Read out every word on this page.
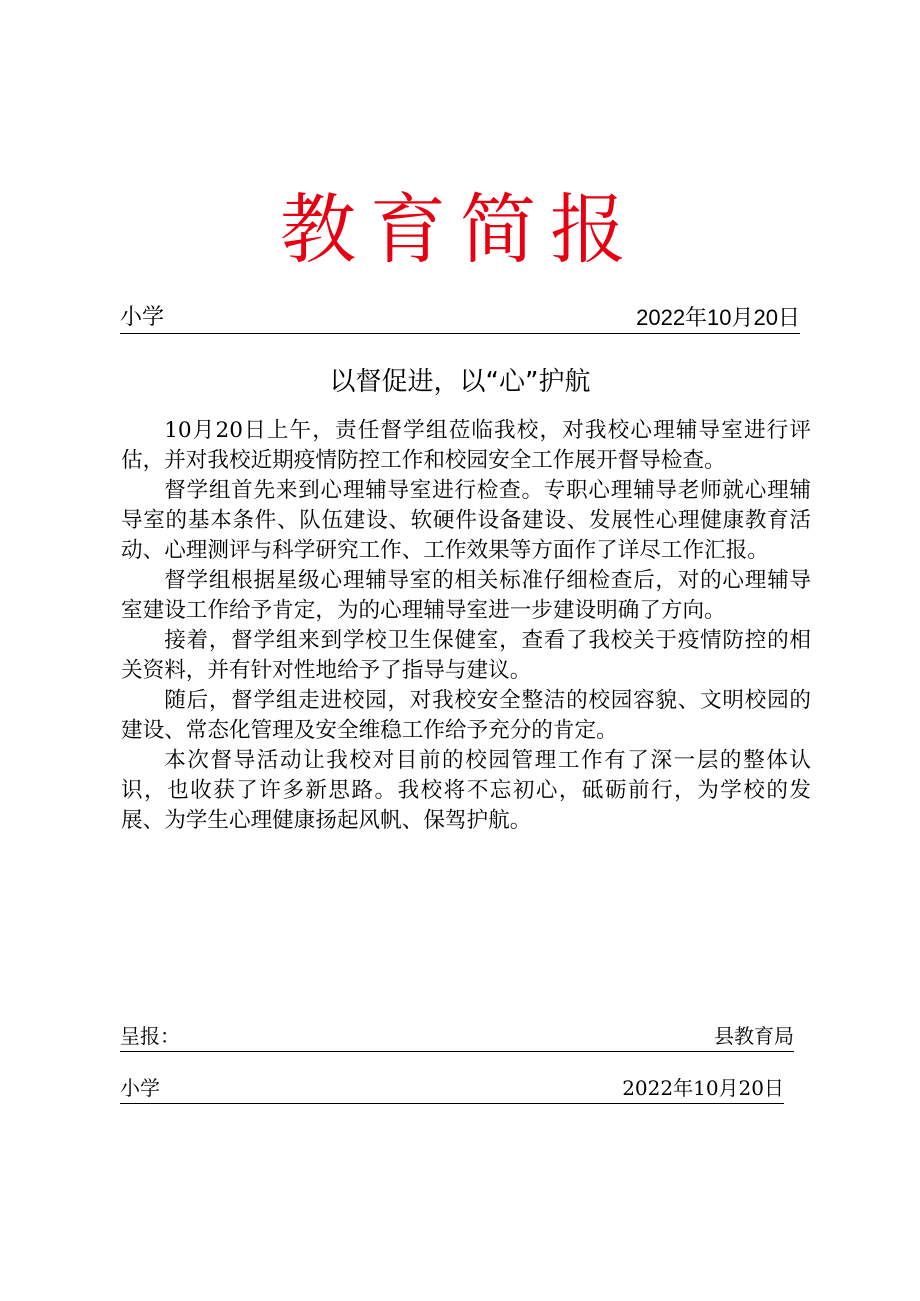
教育简报
小学	2022年10月20日
以督促进，以“心”护航

10月20日上午，责任督学组莅临我校，对我校心理辅导室进行评估，并对我校近期疫情防控工作和校园安全工作展开督导检查。

督学组首先来到心理辅导室进行检查。专职心理辅导老师就心理辅导室的基本条件、队伍建设、软硬件设备建设、发展性心理健康教育活动、心理测评与科学研究工作、工作效果等方面作了详尽工作汇报。

督学组根据星级心理辅导室的相关标准仔细检查后，对的心理辅导室建设工作给予肯定，为的心理辅导室进一步建设明确了方向。

接着，督学组来到学校卫生保健室，查看了我校关于疫情防控的相关资料，并有针对性地给予了指导与建议。

随后，督学组走进校园，对我校安全整洁的校园容貌、文明校园的建设、常态化管理及安全维稳工作给予充分的肯定。

本次督导活动让我校对目前的校园管理工作有了深一层的整体认识，也收获了许多新思路。我校将不忘初心，砥砺前行，为学校的发展、为学生心理健康扬起风帆、保驾护航。

呈报：	县教育局
小学	2022年10月20日
